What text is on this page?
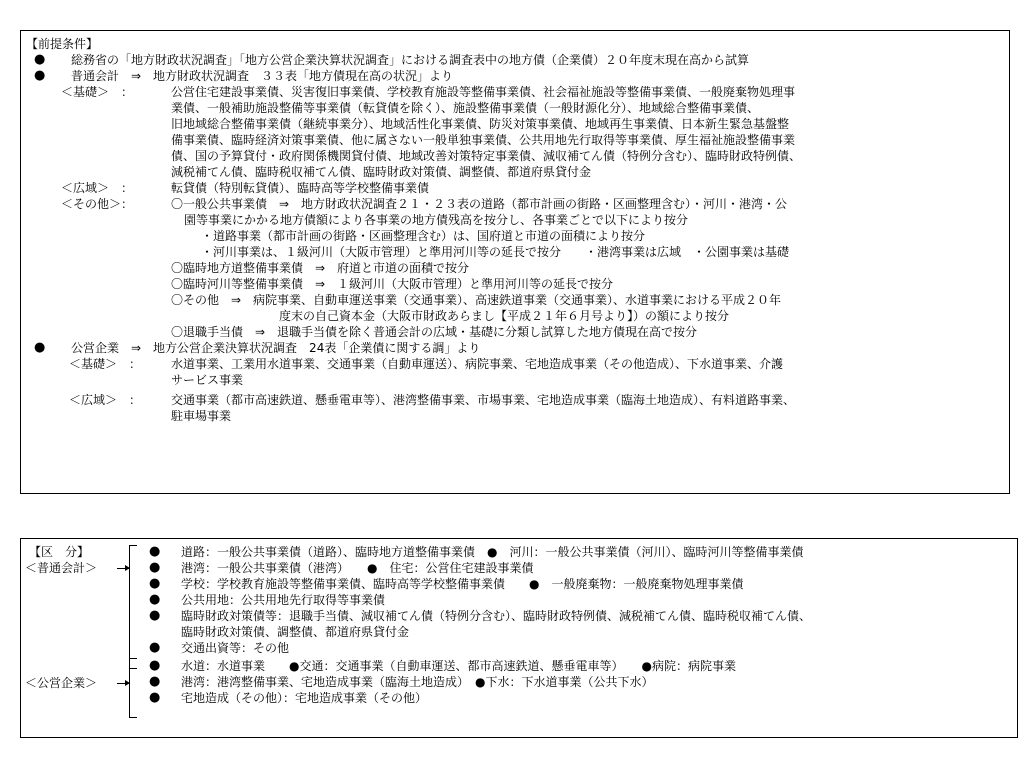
【前提条件】
● 総務省の「地方財政状況調査」「地方公営企業決算状況調査」における調査表中の地方債（企業債）２０年度末現在高から試算
● 普通会計　⇒　地方財政状況調査　３３表「地方債現在高の状況」より
＜基礎＞　：	公営住宅建設事業債、災害復旧事業債、学校教育施設等整備事業債、社会福祉施設等整備事業債、一般廃棄物処理事
業債、一般補助施設整備等事業債（転貸債を除く）、施設整備事業債（一般財源化分）、地域総合整備事業債、
旧地域総合整備事業債（継続事業分）、地域活性化事業債、防災対策事業債、地域再生事業債、日本新生緊急基盤整
備事業債、臨時経済対策事業債、他に属さない一般単独事業債、公共用地先行取得等事業債、厚生福祉施設整備事業
債、国の予算貸付・政府関係機関貸付債、地域改善対策特定事業債、減収補てん債（特例分含む）、臨時財政特例債、
減税補てん債、臨時税収補てん債、臨時財政対策債、調整債、都道府県貸付金
＜広域＞　：	転貸債（特別転貸債）、臨時高等学校整備事業債
＜その他＞：	〇一般公共事業債　⇒　地方財政状況調査２１・２３表の道路（都市計画の街路・区画整理含む）・河川・港湾・公
園等事業にかかる地方債額により各事業の地方債残高を按分し、各事業ごとで以下により按分
・道路事業（都市計画の街路・区画整理含む）は、国府道と市道の面積により按分
・河川事業は、１級河川（大阪市管理）と準用河川等の延長で按分　　・港湾事業は広域　・公園事業は基礎
〇臨時地方道整備事業債　⇒　府道と市道の面積で按分
〇臨時河川等整備事業債　⇒　１級河川（大阪市管理）と準用河川等の延長で按分
〇その他　⇒　病院事業、自動車運送事業（交通事業）、高速鉄道事業（交通事業）、水道事業における平成２０年
度末の自己資本金（大阪市財政あらまし【平成２１年６月号より】）の額により按分
〇退職手当債　⇒　退職手当債を除く普通会計の広域・基礎に分類し試算した地方債現在高で按分
● 公営企業　⇒　地方公営企業決算状況調査　24表「企業債に関する調」より
＜基礎＞　： 水道事業、工業用水道事業、交通事業（自動車運送）、病院事業、宅地造成事業（その他造成）、下水道事業、介護
サービス事業
＜広域＞　： 交通事業（都市高速鉄道、懸垂電車等）、港湾整備事業、市場事業、宅地造成事業（臨海土地造成）、有料道路事業、
駐車場事業
【区　分】
＜普通会計＞
● 道路：一般公共事業債（道路）、臨時地方道整備事業債　●　河川：一般公共事業債（河川）、臨時河川等整備事業債
● 港湾：一般公共事業債（港湾）　　●　住宅：公営住宅建設事業債
● 学校：学校教育施設等整備事業債、臨時高等学校整備事業債　　●　一般廃棄物：一般廃棄物処理事業債
● 公共用地：公共用地先行取得等事業債
● 臨時財政対策債等：退職手当債、減収補てん債（特例分含む）、臨時財政特例債、減税補てん債、臨時税収補てん債、
臨時財政対策債、調整債、都道府県貸付金
● 交通出資等：その他
＜公営企業＞
● 水道：水道事業　　●交通：交通事業（自動車運送、都市高速鉄道、懸垂電車等）　　●病院：病院事業
● 港湾：港湾整備事業、宅地造成事業（臨海土地造成）　●下水：下水道事業（公共下水）
● 宅地造成（その他）：宅地造成事業（その他）
